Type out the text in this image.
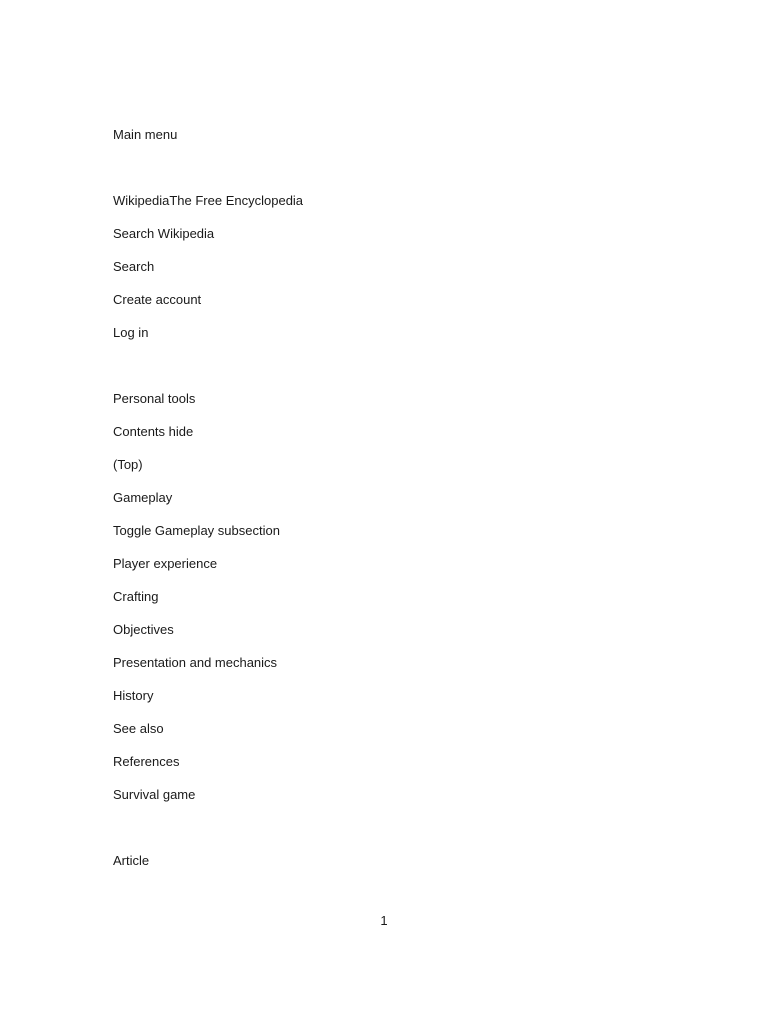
Main menu
WikipediaThe Free Encyclopedia
Search Wikipedia
Search
Create account
Log in
Personal tools
Contents hide
(Top)
Gameplay
Toggle Gameplay subsection
Player experience
Crafting
Objectives
Presentation and mechanics
History
See also
References
Survival game
Article
1
